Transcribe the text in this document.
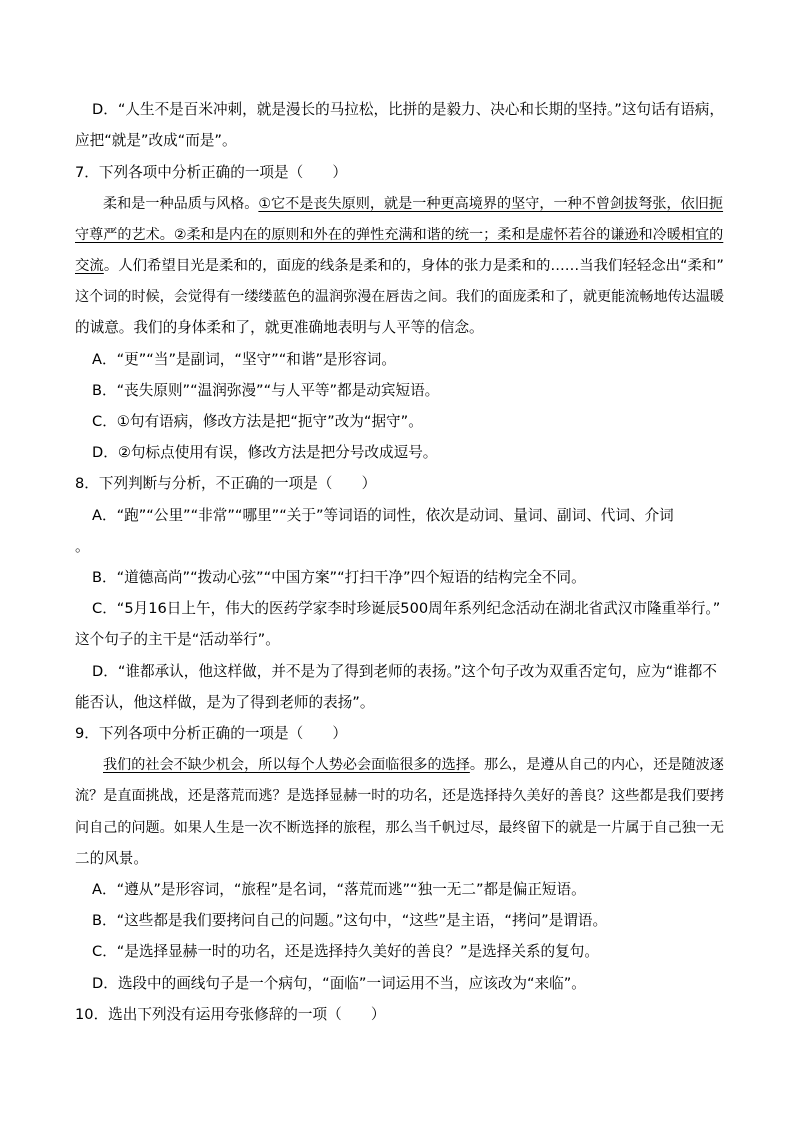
D．“人生不是百米冲刺，就是漫长的马拉松，比拼的是毅力、决心和长期的坚持。”这句话有语病，
应把“就是”改成“而是”。
7．下列各项中分析正确的一项是（　　）
柔和是一种品质与风格。①它不是丧失原则，就是一种更高境界的坚守，一种不曾剑拔弩张，依旧扼
守尊严的艺术。②柔和是内在的原则和外在的弹性充满和谐的统一；柔和是虚怀若谷的谦逊和冷暖相宜的
交流。人们希望目光是柔和的，面庞的线条是柔和的，身体的张力是柔和的……当我们轻轻念出“柔和”
这个词的时候，会觉得有一缕缕蓝色的温润弥漫在唇齿之间。我们的面庞柔和了，就更能流畅地传达温暖
的诚意。我们的身体柔和了，就更准确地表明与人平等的信念。
A．“更”“当”是副词，“坚守”“和谐”是形容词。
B．“丧失原则”“温润弥漫”“与人平等”都是动宾短语。
C．①句有语病，修改方法是把“扼守”改为“据守”。
D．②句标点使用有误，修改方法是把分号改成逗号。
8．下列判断与分析，不正确的一项是（　　）
A．“跑”“公里”“非常”“哪里”“关于”等词语的词性，依次是动词、量词、副词、代词、介词
。
B．“道德高尚”“拨动心弦”“中国方案”“打扫干净”四个短语的结构完全不同。
C．“5月16日上午，伟大的医药学家李时珍诞辰500周年系列纪念活动在湖北省武汉市隆重举行。”
这个句子的主干是“活动举行”。
D．“谁都承认，他这样做，并不是为了得到老师的表扬。”这个句子改为双重否定句，应为“谁都不
能否认，他这样做，是为了得到老师的表扬”。
9．下列各项中分析正确的一项是（　　）
我们的社会不缺少机会，所以每个人势必会面临很多的选择。那么，是遵从自己的内心，还是随波逐
流？是直面挑战，还是落荒而逃？是选择显赫一时的功名，还是选择持久美好的善良？这些都是我们要拷
问自己的问题。如果人生是一次不断选择的旅程，那么当千帆过尽，最终留下的就是一片属于自己独一无
二的风景。
A．“遵从”是形容词，“旅程”是名词，“落荒而逃”“独一无二”都是偏正短语。
B．“这些都是我们要拷问自己的问题。”这句中，“这些”是主语，“拷问”是谓语。
C．“是选择显赫一时的功名，还是选择持久美好的善良？”是选择关系的复句。
D．选段中的画线句子是一个病句，“面临”一词运用不当，应该改为“来临”。
10．选出下列没有运用夸张修辞的一项（　　）
